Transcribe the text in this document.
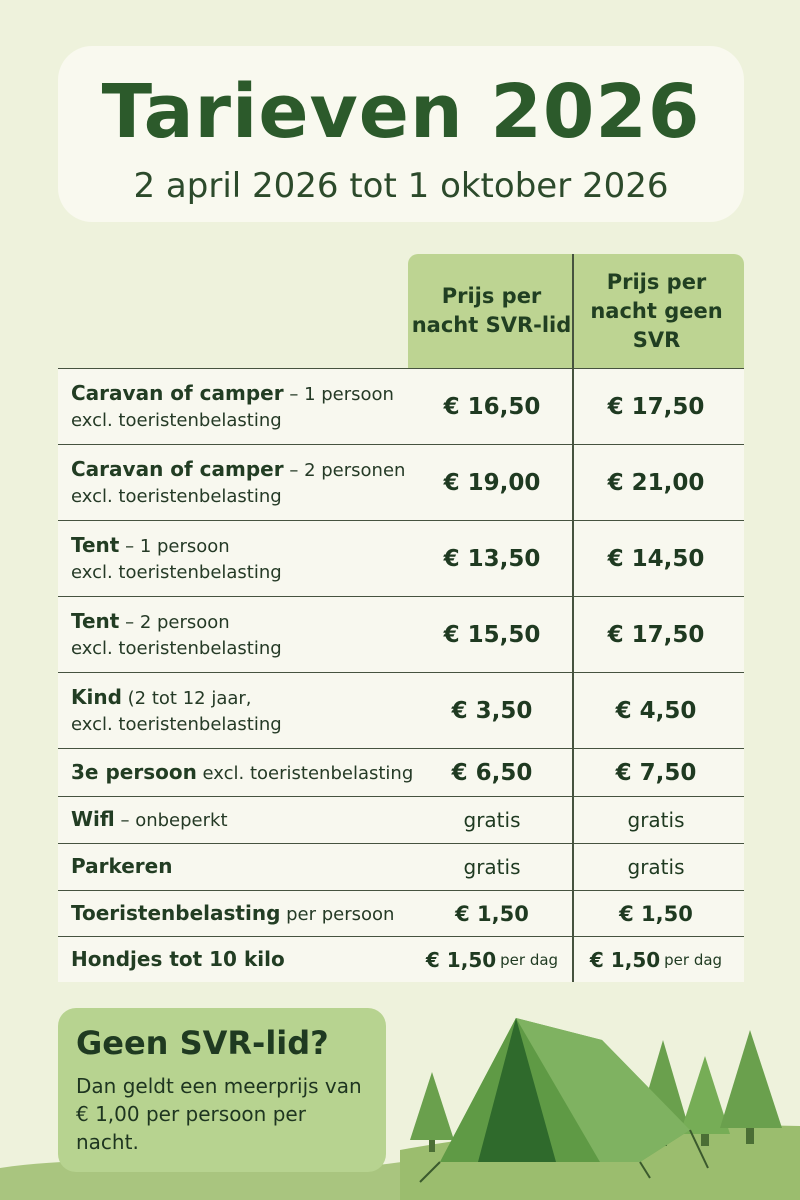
Tarieven 2026
2 april 2026 tot 1 oktober 2026
Prijs per nacht SVR-lid
Prijs per nacht geen SVR
Caravan of camper – 1 persoon
excl. toeristenbelasting
€ 16,50	€ 17,50
Caravan of camper – 2 personen
excl. toeristenbelasting
€ 19,00	€ 21,00
Tent – 1 persoon
excl. toeristenbelasting
€ 13,50	€ 14,50
Tent – 2 persoon
excl. toeristenbelasting
€ 15,50	€ 17,50
Kind (2 tot 12 jaar,
excl. toeristenbelasting
€ 3,50	€ 4,50
3e persoon excl. toeristenbelasting	€ 6,50	€ 7,50
Wifl – onbeperkt	gratis	gratis
Parkeren	gratis	gratis
Toeristenbelasting per persoon	€ 1,50	€ 1,50
Hondjes tot 10 kilo	€ 1,50 per dag € 1,50 per dag
Geen SVR-lid?
Dan geldt een meerprijs van € 1,00 per persoon per nacht.
